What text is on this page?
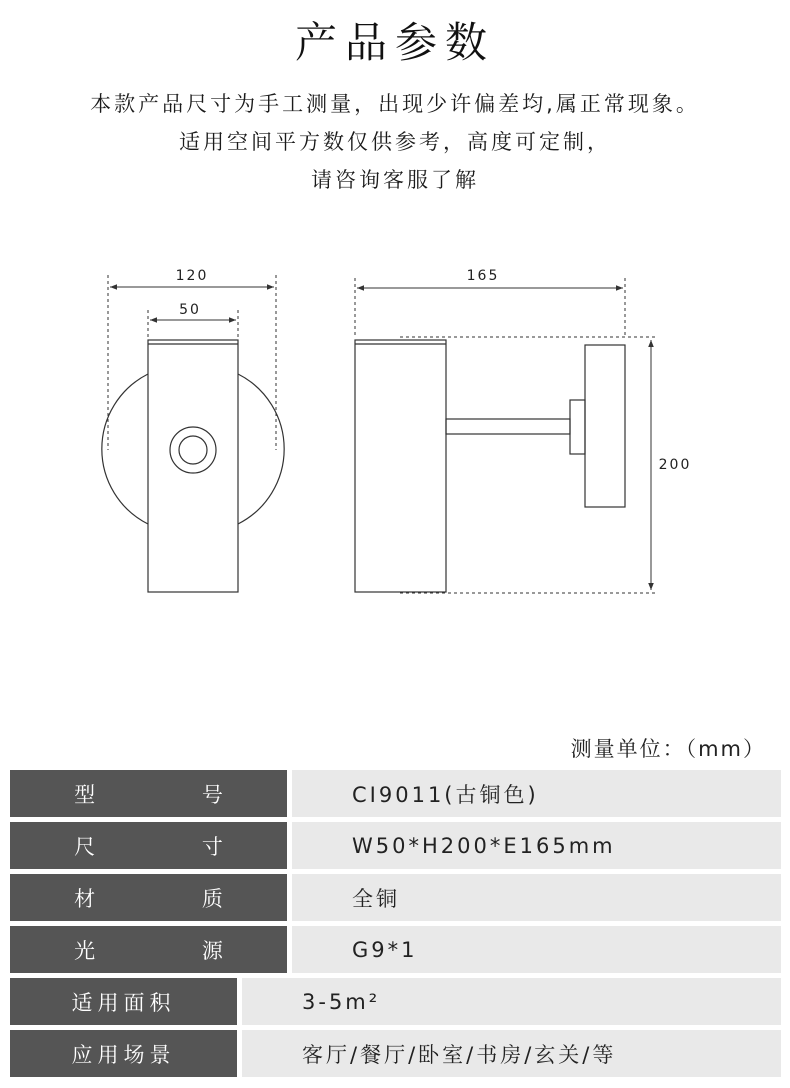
产品参数
本款产品尺寸为手工测量，出现少许偏差均,属正常现象。
适用空间平方数仅供参考，高度可定制，
请咨询客服了解
120
50
165
200
测量单位：（mm）
型 号	CI9011(古铜色)
尺 寸	W50*H200*E165mm
材 质	全铜
光 源	G9*1
适用面积	3-5m²
应用场景	客厅/餐厅/卧室/书房/玄关/等
